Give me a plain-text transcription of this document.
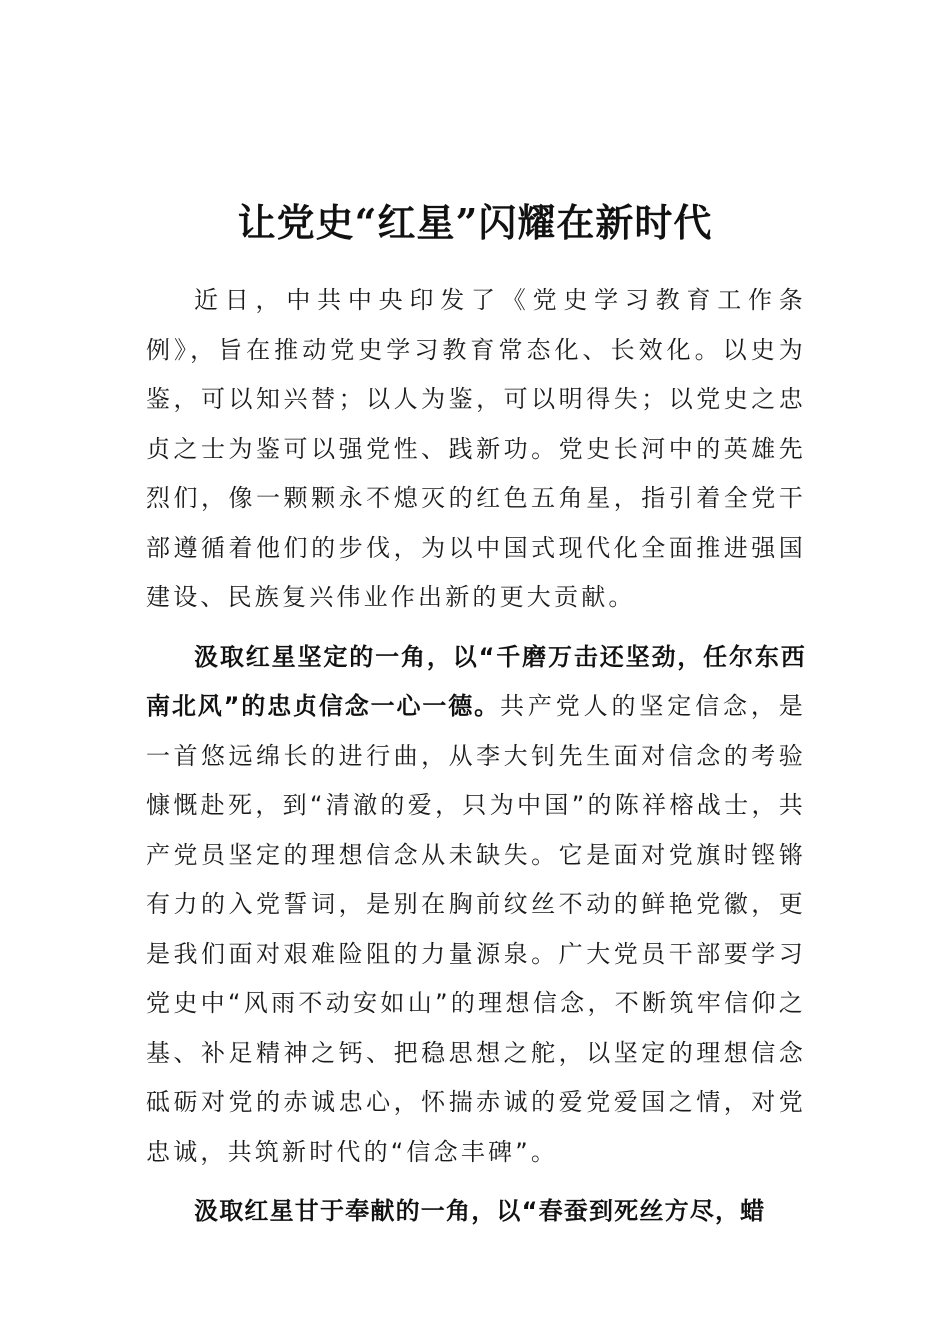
让党史“红星”闪耀在新时代

近日，中共中央印发了《党史学习教育工作条例》，旨在推动党史学习教育常态化、长效化。以史为鉴，可以知兴替；以人为鉴，可以明得失；以党史之忠贞之士为鉴可以强党性、践新功。党史长河中的英雄先烈们，像一颗颗永不熄灭的红色五角星，指引着全党干部遵循着他们的步伐，为以中国式现代化全面推进强国建设、民族复兴伟业作出新的更大贡献。

汲取红星坚定的一角，以“千磨万击还坚劲，任尔东西南北风”的忠贞信念一心一德。共产党人的坚定信念，是一首悠远绵长的进行曲，从李大钊先生面对信念的考验慷慨赴死，到“清澈的爱，只为中国”的陈祥榕战士，共产党员坚定的理想信念从未缺失。它是面对党旗时铿锵有力的入党誓词，是别在胸前纹丝不动的鲜艳党徽，更是我们面对艰难险阻的力量源泉。广大党员干部要学习党史中“风雨不动安如山”的理想信念，不断筑牢信仰之基、补足精神之钙、把稳思想之舵，以坚定的理想信念砥砺对党的赤诚忠心，怀揣赤诚的爱党爱国之情，对党忠诚，共筑新时代的“信念丰碑”。

汲取红星甘于奉献的一角，以“春蚕到死丝方尽，蜡
